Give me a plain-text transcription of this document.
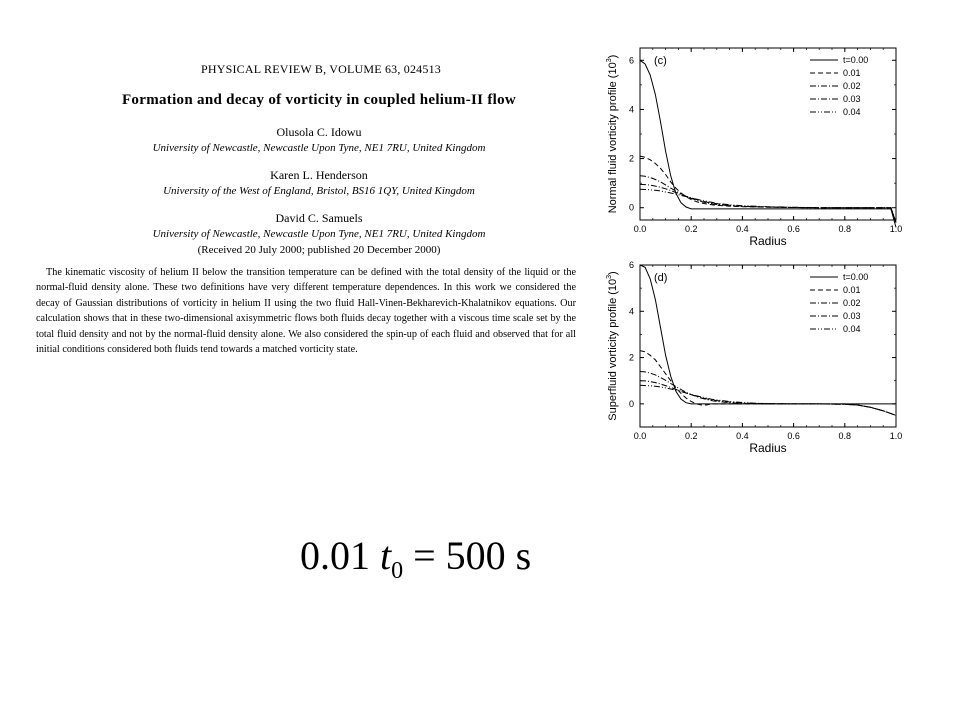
PHYSICAL REVIEW B, VOLUME 63, 024513
Formation and decay of vorticity in coupled helium-II flow
Olusola C. Idowu
University of Newcastle, Newcastle Upon Tyne, NE1 7RU, United Kingdom
Karen L. Henderson
University of the West of England, Bristol, BS16 1QY, United Kingdom
David C. Samuels
University of Newcastle, Newcastle Upon Tyne, NE1 7RU, United Kingdom
(Received 20 July 2000; published 20 December 2000)
The kinematic viscosity of helium II below the transition temperature can be defined with the total density of the liquid or the normal-fluid density alone. These two definitions have very different temperature dependences. In this work we considered the decay of Gaussian distributions of vorticity in helium II using the two fluid Hall-Vinen-Bekharevich-Khalatnikov equations. Our calculation shows that in these two-dimensional axisymmetric flows both fluids decay together with a viscous time scale set by the total fluid density and not by the normal-fluid density alone. We also considered the spin-up of each fluid and observed that for all initial conditions considered both fluids tend towards a matched vorticity state.
0.0	0.2	0.4	0.6	0.8	1.0
0
2
4
6
Radius
Normal fluid vorticity profile $(10^3)$	(c)	t=0.00
0.01
0.02
0.03
0.04
0.0	0.2	0.4	0.6	0.8	1.0
0
2
4
6
Radius
Superfluid vorticity profile $(10^3)$	(d)	t=0.00
0.01
0.02
0.03
0.04
0.01 $t_0 = 500$ s
